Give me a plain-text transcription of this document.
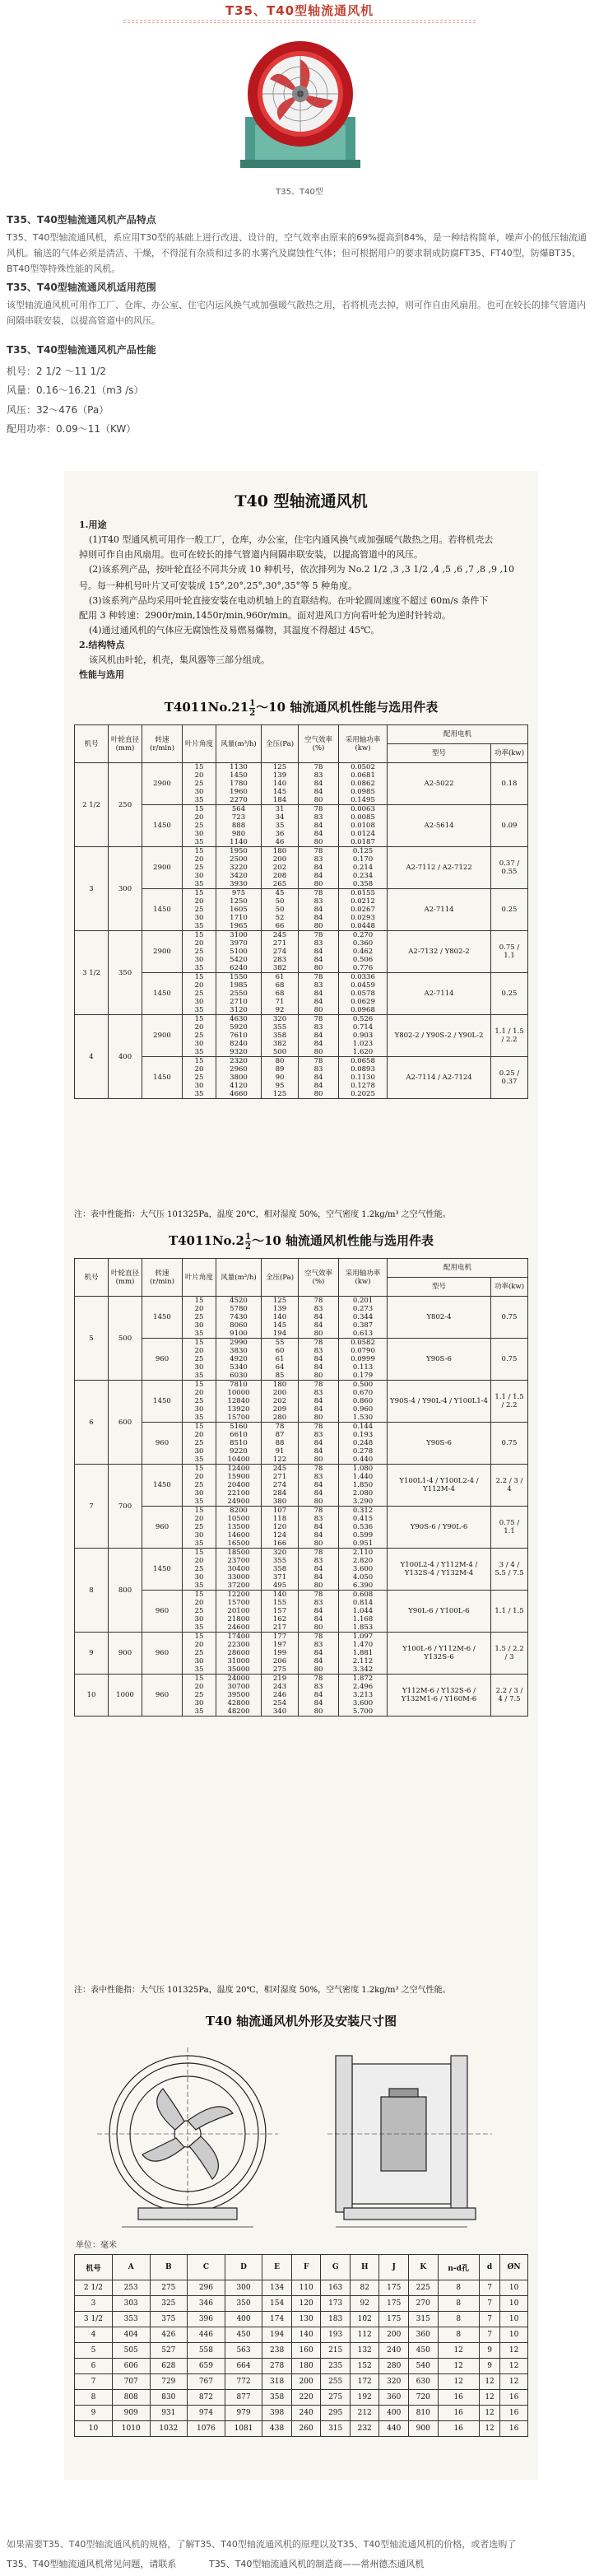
T35、T40型轴流通风机
T35、T40型
T35、T40型轴流通风机产品特点
T35、T40型轴流通风机，系应用T30型的基础上进行改进、设计的，空气效率由原来的69%提高到84%，是一种结构简单，噪声小的低压轴流通风机。输送的气体必须是清洁、干燥，不得混有杂质和过多的水雾汽及腐蚀性气体；但可根据用户的要求制成防腐FT35、FT40型，防爆BT35、BT40型等特殊性能的风机。
T35、T40型轴流通风机适用范围
该型轴流通风机可用作工厂、仓库、办公室、住宅内运风换气或加强暖气散热之用，若将机壳去掉，则可作自由风扇用。也可在较长的排气管道内间隔串联安装，以提高管道中的风压。
T35、T40型轴流通风机产品性能
机号：2 1/2 ～11 1/2
风量：0.16～16.21（m3 /s）
风压：32～476（Pa）
配用功率：0.09～11（KW）
T40 型轴流通风机
1.用途
(1)T40 型通风机可用作一般工厂，仓库，办公室，住宅内通风换气或加强暖气散热之用。若将机壳去
掉则可作自由风扇用。也可在较长的排气管道内间隔串联安装，以提高管道中的风压。
(2)该系列产品，按叶轮直径不同共分成 10 种机号，依次排列为 No.2 1/2 ,3 ,3 1/2 ,4 ,5 ,6 ,7 ,8 ,9 ,10
号。每一种机号叶片又可安装成 15°,20°,25°,30°,35°等 5 种角度。
(3)该系列产品均采用叶轮直接安装在电动机轴上的直联结构。在叶轮圆周速度不超过 60m/s 条件下
配用 3 种转速：2900r/min,1450r/min,960r/min。面对进风口方向看叶轮为逆时针转动。
(4)通过通风机的气体应无腐蚀性及易燃易爆物，其温度不得超过 45℃。
2.结构特点
该风机由叶轮，机壳，集风器等三部分组成。
性能与选用
$T4011No.21 \frac{1}{2}$ ～10 轴流通风机性能与选用件表
机号	叶轮直径(mm)	转速(r/min)	叶片角度	风量(m³/h)	全压(Pa)	空气效率(%)	采用轴功率(kw)	配用电机	
								型号	功率(kw)
2 1/2	250	2900	15
20
25
30
35	1130
1450
1780
1960
2270	125
139
140
145
184	78
83
84
84
80	0.0502
0.0681
0.0862
0.0985
0.1495	A2-5022	0.18
		1450	15
20
25
30
35	564
723
888
980
1140	31
34
35
36
46	78
83
84
84
80	0.0063
0.0085
0.0108
0.0124
0.0187	A2-5614	0.09
3	300	2900	15
20
25
30
35	1950
2500
3220
3420
3930	180
200
202
208
265	78
83
84
84
80	0.125
0.170
0.214
0.234
0.358	A2-7112 / A2-7122	0.37 / 0.55
		1450	15
20
25
30
35	975
1250
1605
1710
1965	45
50
50
52
66	78
83
84
84
80	0.0155
0.0212
0.0267
0.0293
0.0448	A2-7114	0.25
3 1/2	350	2900	15
20
25
30
35	3100
3970
5100
5420
6240	245
271
274
283
382	78
83
84
84
80	0.270
0.360
0.462
0.506
0.776	A2-7132 / Y802-2	0.75 / 1.1
		1450	15
20
25
30
35	1550
1985
2550
2710
3120	61
68
68
71
92	78
83
84
84
80	0.0336
0.0459
0.0578
0.0629
0.0968	A2-7114	0.25
4	400	2900	15
20
25
30
35	4630
5920
7610
8240
9320	320
355
358
382
500	78
83
84
84
80	0.526
0.714
0.903
1.023
1.620	Y802-2 / Y90S-2 / Y90L-2	1.1 / 1.5 / 2.2
		1450	15
20
25
30
35	2320
2960
3800
4120
4660	80
89
90
95
125	78
83
84
84
80	0.0658
0.0893
0.1130
0.1278
0.2025	A2-7114 / A2-7124	0.25 / 0.37
注：表中性能指：大气压 101325Pa，温度 20℃，相对湿度 50%，空气密度 1.2kg/m³ 之空气性能。
$T4011No.2 \frac{1}{2}$ ～10 轴流通风机性能与选用件表
机号	叶轮直径(mm)	转速(r/min)	叶片角度	风量(m³/h)	全压(Pa)	空气效率(%)	采用轴功率(kw)	配用电机	
								型号	功率(kw)
5	500	1450	15
20
25
30
35	4520
5780
7430
8060
9100	125
139
140
145
194	78
83
84
84
80	0.201
0.273
0.344
0.387
0.613	Y802-4	0.75
		960	15
20
25
30
35	2990
3830
4920
5340
6030	55
60
61
64
85	78
83
84
84
80	0.0582
0.0790
0.0999
0.113
0.179	Y90S-6	0.75
6	600	1450	15
20
25
30
35	7810
10000
12840
13920
15700	180
200
202
209
280	78
83
84
84
80	0.500
0.670
0.860
0.960
1.530	Y90S-4 / Y90L-4 / Y100L1-4	1.1 / 1.5 / 2.2
		960	15
20
25
30
35	5160
6610
8510
9220
10400	78
87
88
91
122	78
83
84
84
80	0.144
0.193
0.248
0.278
0.440	Y90S-6	0.75
7	700	1450	15
20
25
30
35	12400
15900
20400
22100
24900	245
271
274
284
380	78
83
84
84
80	1.080
1.440
1.850
2.080
3.290	Y100L1-4 / Y100L2-4 / Y112M-4	2.2 / 3 / 4
		960	15
20
25
30
35	8200
10500
13500
14600
16500	107
118
120
124
166	78
83
84
84
80	0.312
0.415
0.536
0.599
0.951	Y90S-6 / Y90L-6	0.75 / 1.1
8	800	1450	15
20
25
30
35	18500
23700
30400
33000
37200	320
355
358
371
495	78
83
84
84
80	2.110
2.820
3.600
4.050
6.390	Y100L2-4 / Y112M-4 / Y132S-4 / Y132M-4	3 / 4 / 5.5 / 7.5
		960	15
20
25
30
35	12200
15700
20100
21800
24600	140
155
157
162
217	78
83
84
84
80	0.608
0.814
1.044
1.168
1.853	Y90L-6 / Y100L-6	1.1 / 1.5
9	900	960	15
20
25
30
35	17400
22300
28600
31000
35000	177
197
199
206
275	78
83
84
84
80	1.097
1.470
1.881
2.112
3.342	Y100L-6 / Y112M-6 / Y132S-6	1.5 / 2.2 / 3
10	1000	960	15
20
25
30
35	24000
30700
39500
42800
48200	219
243
246
254
340	78
83
84
84
80	1.872
2.496
3.213
3.600
5.700	Y112M-6 / Y132S-6 / Y132M1-6 / Y160M-6	2.2 / 3 / 4 / 7.5
注：表中性能指：大气压 101325Pa，温度 20℃，相对湿度 50%，空气密度 1.2kg/m³ 之空气性能。
T40 轴流通风机外形及安装尺寸图
单位：毫米
机号	A	B	C	D	E	F	G	H	J	K	n-d孔	d	ØN
2 1/2	253	275	296	300	134	110	163	82	175	225	8	7	10
3	303	325	346	350	154	120	173	92	175	270	8	7	10
3 1/2	353	375	396	400	174	130	183	102	175	315	8	7	10
4	404	426	446	450	194	140	193	112	200	360	8	7	10
5	505	527	558	563	238	160	215	132	240	450	12	9	12
6	606	628	659	664	278	180	235	152	280	540	12	9	12
7	707	729	767	772	318	200	255	172	320	630	12	12	12
8	808	830	872	877	358	220	275	192	360	720	16	12	16
9	909	931	974	979	398	240	295	212	400	810	16	12	16
10	1010	1032	1076	1081	438	260	315	232	440	900	16	12	16
如果需要T35、T40型轴流通风机的规格，了解T35、T40型轴流通风机的原理以及T35、T40型轴流通风机的价格，或者选购了
T35、T40型轴流通风机常见问题，请联系	T35、T40型轴流通风机的制造商——常州德杰通风机
